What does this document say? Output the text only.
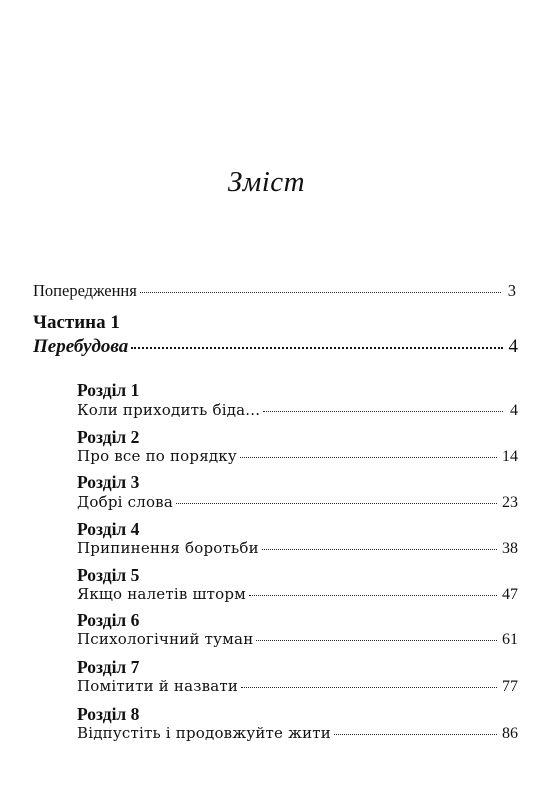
Зміст
Попередження	3
Частина 1
Перебудова	4
Розділ 1
Коли приходить біда...	4
Розділ 2
Про все по порядку	14
Розділ 3
Добрі слова	23
Розділ 4
Припинення боротьби	38
Розділ 5
Якщо налетів шторм	47
Розділ 6
Психологічний туман	61
Розділ 7
Помітити й назвати	77
Розділ 8
Відпустіть і продовжуйте жити	86
